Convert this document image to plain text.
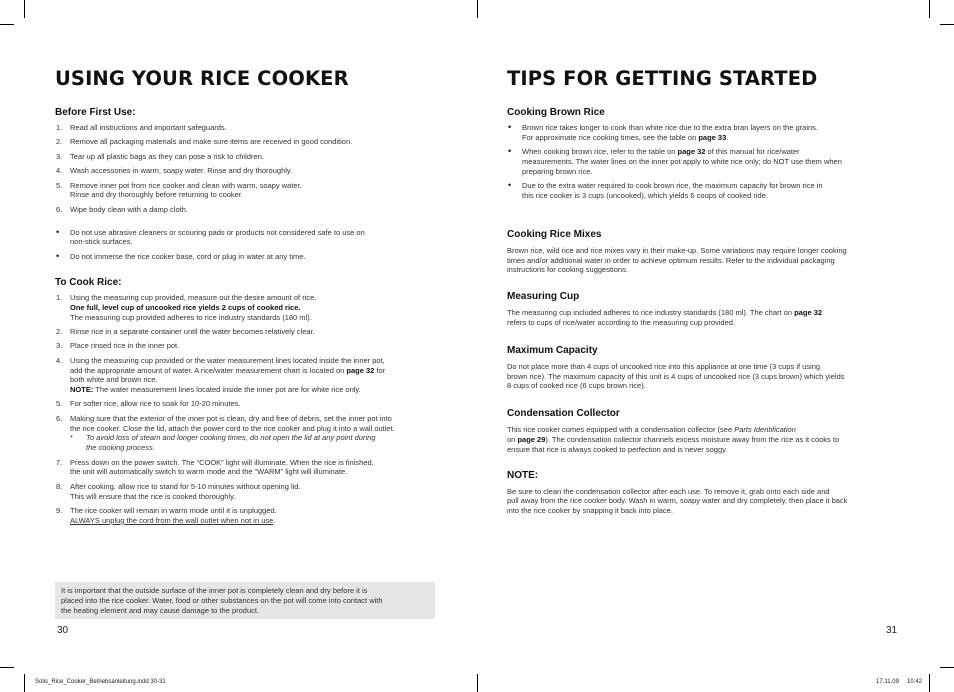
USING YOUR RICE COOKER
Before First Use:
1. Read all instructions and important safeguards.
2. Remove all packaging materials and make sure items are received in good condition.
3. Tear up all plastic bags as they can pose a risk to children.
4. Wash accessories in warm, soapy water. Rinse and dry thoroughly.
5. Remove inner pot from rice cooker and clean with warm, soapy water.
Rinse and dry thoroughly before returning to cooker.
6. Wipe body clean with a damp cloth.
• Do not use abrasive cleaners or scouring pads or products not considered safe to use on
non-stick surfaces.
• Do not immerse the rice cooker base, cord or plug in water at any time.
To Cook Rice:
1. Using the measuring cup provided, measure out the desire amount of rice.
One full, level cup of uncooked rice yields 2 cups of cooked rice.
The measuring cup provided adheres to rice industry standards (180 ml).
2. Rinse rice in a separate container until the water becomes relatively clear.
3. Place rinsed rice in the inner pot.
4. Using the measuring cup provided or the water measurement lines located inside the inner pot,
add the appropriate amount of water. A rice/water measurement chart is located on page 32 for
both white and brown rice.
NOTE: The water measurement lines located inside the inner pot are for white rice only.
5. For softer rice, allow rice to soak for 10-20 minutes.
6. Making sure that the exterior of the inner pot is clean, dry and free of debris, set the inner pot into
the rice cooker. Close the lid, attach the power cord to the rice cooker and plug it into a wall outlet.
* To avoid loss of steam and longer cooking times, do not open the lid at any point during
the cooking process.
7. Press down on the power switch. The “COOK” light will illuminate. When the rice is finished,
the unit will automatically switch to warm mode and the “WARM” light will illuminate.
8. After cooking, allow rice to stand for 5-10 minutes without opening lid.
This will ensure that the rice is cooked thoroughly.
9. The rice cooker will remain in warm mode until it is unplugged.
ALWAYS unplug the cord from the wall outlet when not in use.
It is important that the outside surface of the inner pot is completely clean and dry before it is
placed into the rice cooker. Water, food or other substances on the pot will come into contact with
the heating element and may cause damage to the product.
30
TIPS FOR GETTING STARTED
Cooking Brown Rice
• Brown rice takes longer to cook than white rice due to the extra bran layers on the grains.
For approximate rice cooking times, see the table on page 33.
• When cooking brown rice, refer to the table on page 32 of this manual for rice/water
measurements. The water lines on the inner pot apply to white rice only; do NOT use them when
preparing brown rice.
• Due to the extra water required to cook brown rice, the maximum capacity for brown rice in
this rice cooker is 3 cups (uncooked), which yields 6 coups of cooked ride.
Cooking Rice Mixes
Brown rice, wild rice and rice mixes vary in their make-up. Some variations may require longer cooking
times and/or additional water in order to achieve optimum results. Refer to the individual packaging
instructions for cooking suggestions.
Measuring Cup
The measuring cup included adheres to rice industry standards (180 ml). The chart on page 32
refers to cups of rice/water according to the measuring cup provided.
Maximum Capacity
Do not place more than 4 cups of uncooked rice into this appliance at one time (3 cups if using
brown rice). The maximum capacity of this unit is 4 cups of uncooked rice (3 cups brown) which yields
8 cups of cooked rice (6 cups brown rice).
Condensation Collector
This rice cooker comes equipped with a condensation collector (see Parts Identification
on page 29). The condensation collector channels excess moisture away from the rice as it cooks to
ensure that rice is always cooked to perfection and is never soggy.
NOTE:
Be sure to clean the condensation collector after each use. To remove it, grab onto each side and
pull away from the rice cooker body. Wash in warm, soapy water and dry completely, then place it back
into the rice cooker by snapping it back into place.
31
Solis_Rice_Cooker_Betriebsanleitung.indd 30-31	17.11.09 10:42
